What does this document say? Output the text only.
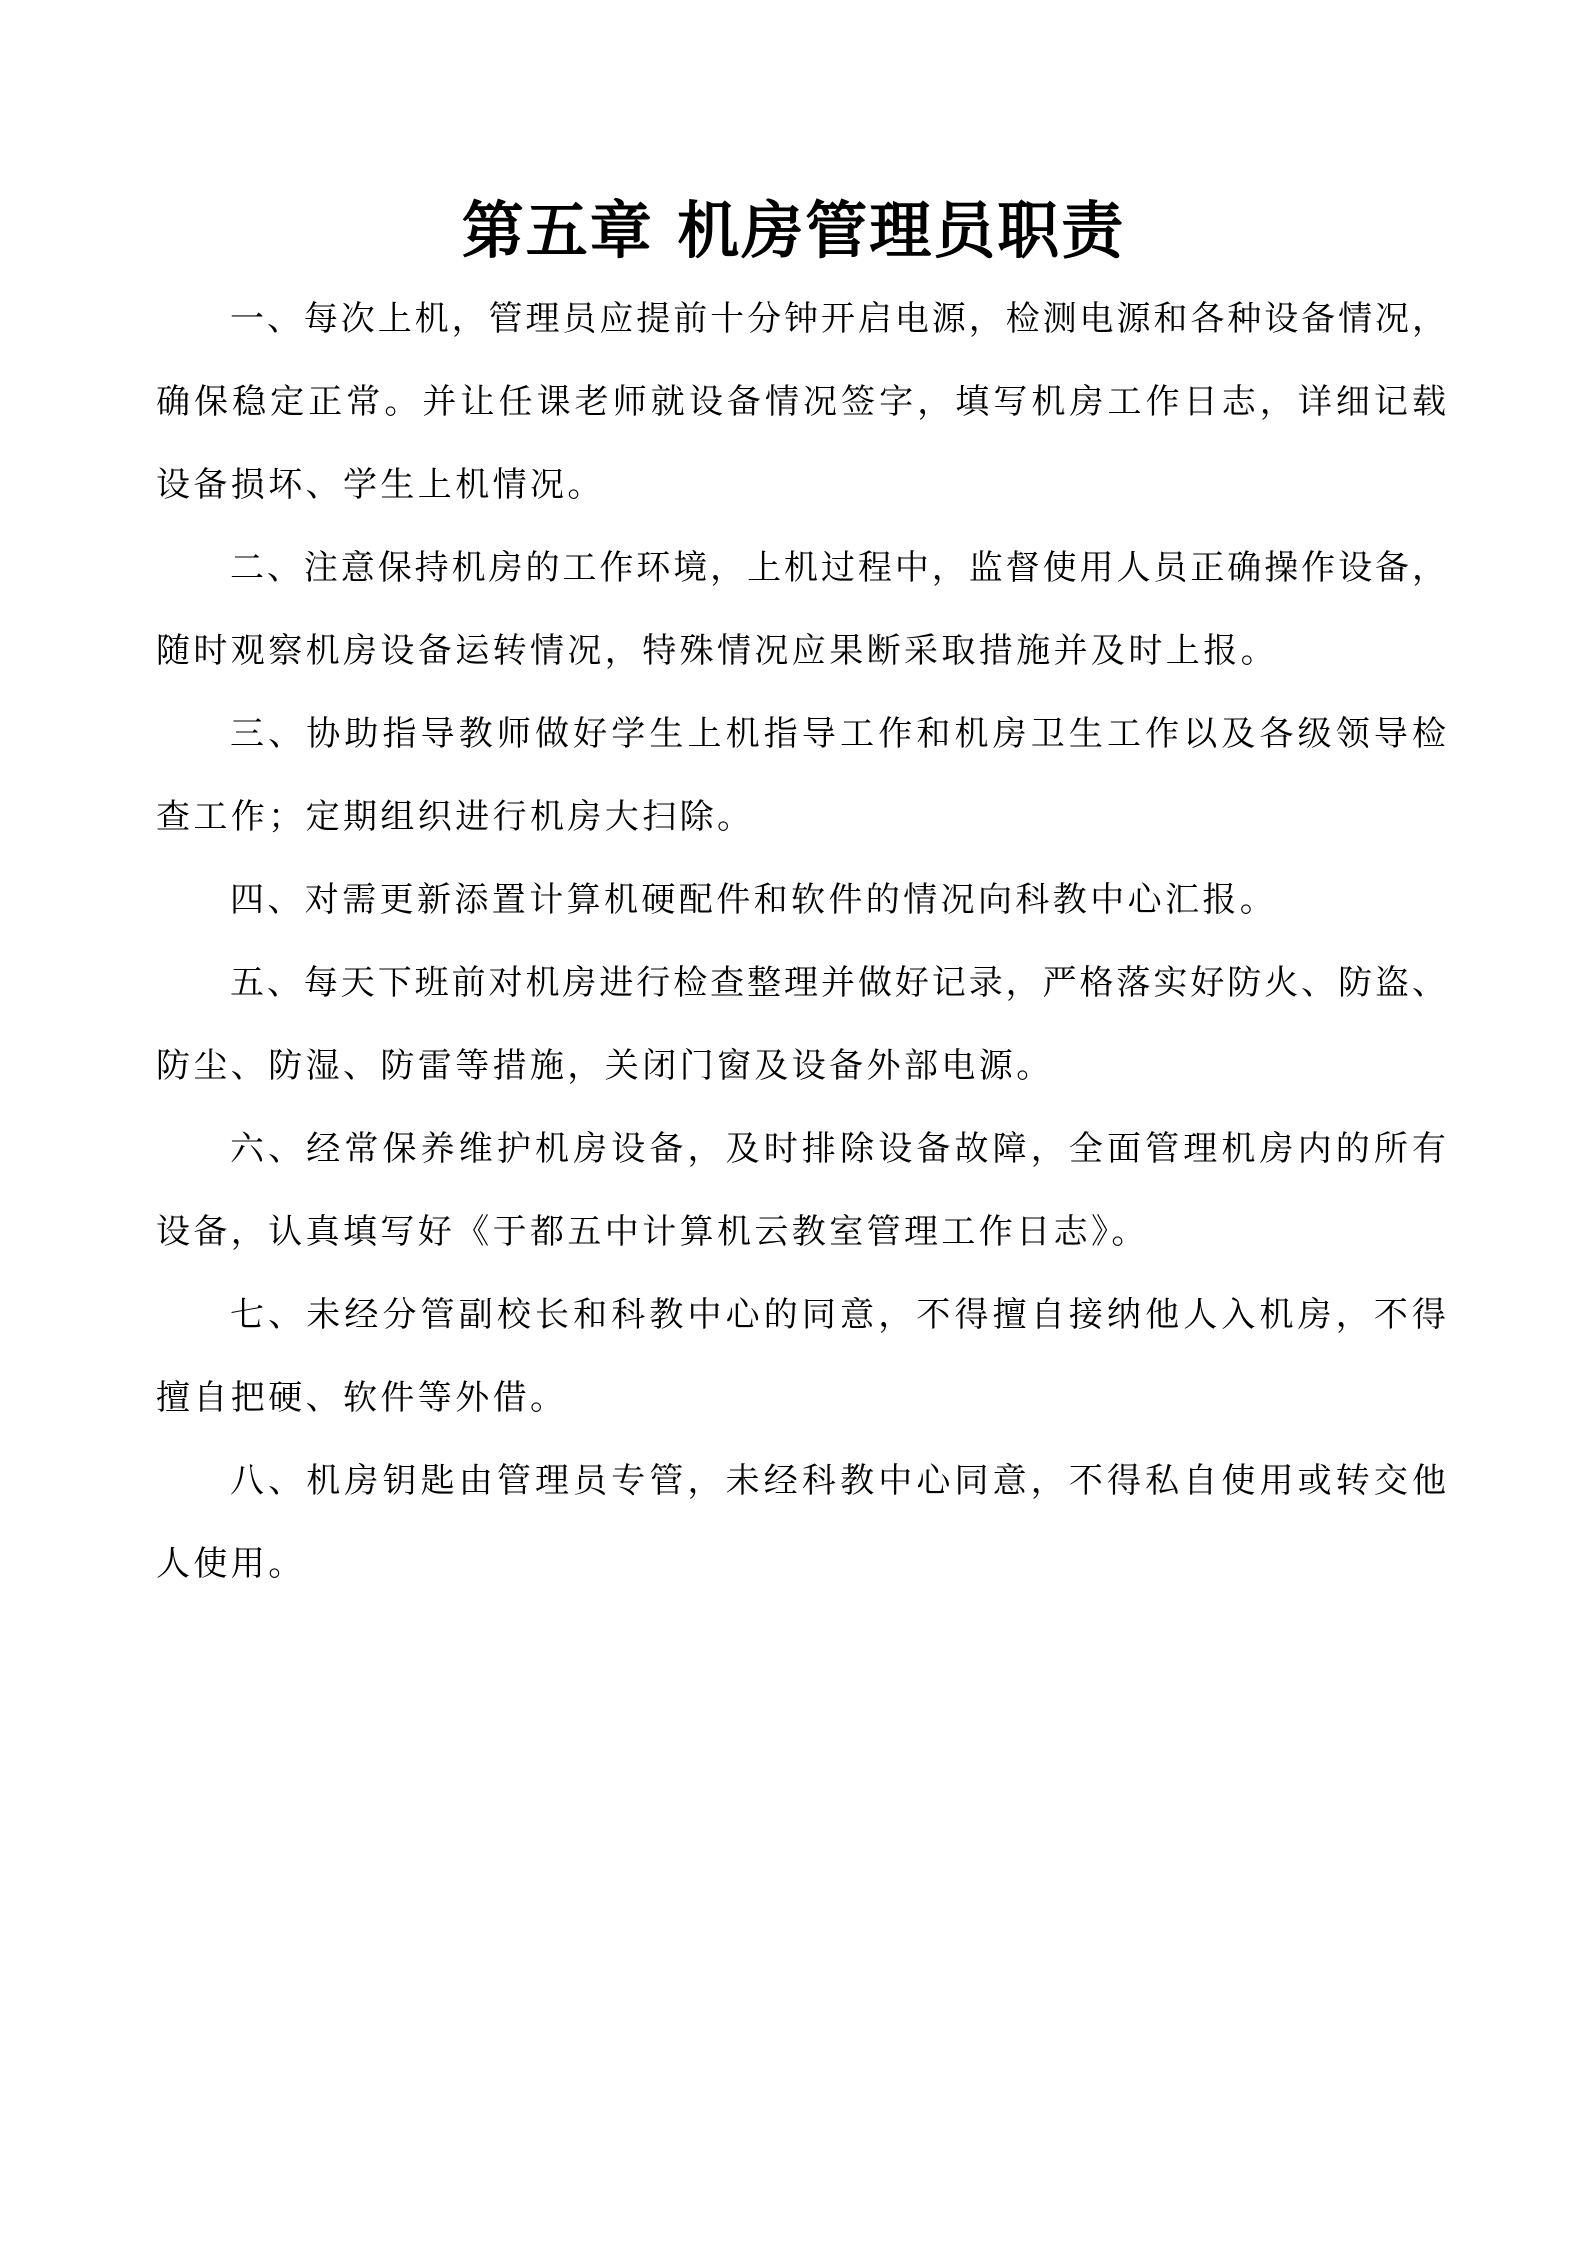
第五章 机房管理员职责
一、每次上机，管理员应提前十分钟开启电源，检测电源和各种设备情况，
确保稳定正常。并让任课老师就设备情况签字，填写机房工作日志，详细记载
设备损坏、学生上机情况。
二、注意保持机房的工作环境，上机过程中，监督使用人员正确操作设备，
随时观察机房设备运转情况，特殊情况应果断采取措施并及时上报。
三、协助指导教师做好学生上机指导工作和机房卫生工作以及各级领导检
查工作；定期组织进行机房大扫除。
四、对需更新添置计算机硬配件和软件的情况向科教中心汇报。
五、每天下班前对机房进行检查整理并做好记录，严格落实好防火、防盗、
防尘、防湿、防雷等措施，关闭门窗及设备外部电源。
六、经常保养维护机房设备，及时排除设备故障，全面管理机房内的所有
设备，认真填写好《于都五中计算机云教室管理工作日志》。
七、未经分管副校长和科教中心的同意，不得擅自接纳他人入机房，不得
擅自把硬、软件等外借。
八、机房钥匙由管理员专管，未经科教中心同意，不得私自使用或转交他
人使用。
